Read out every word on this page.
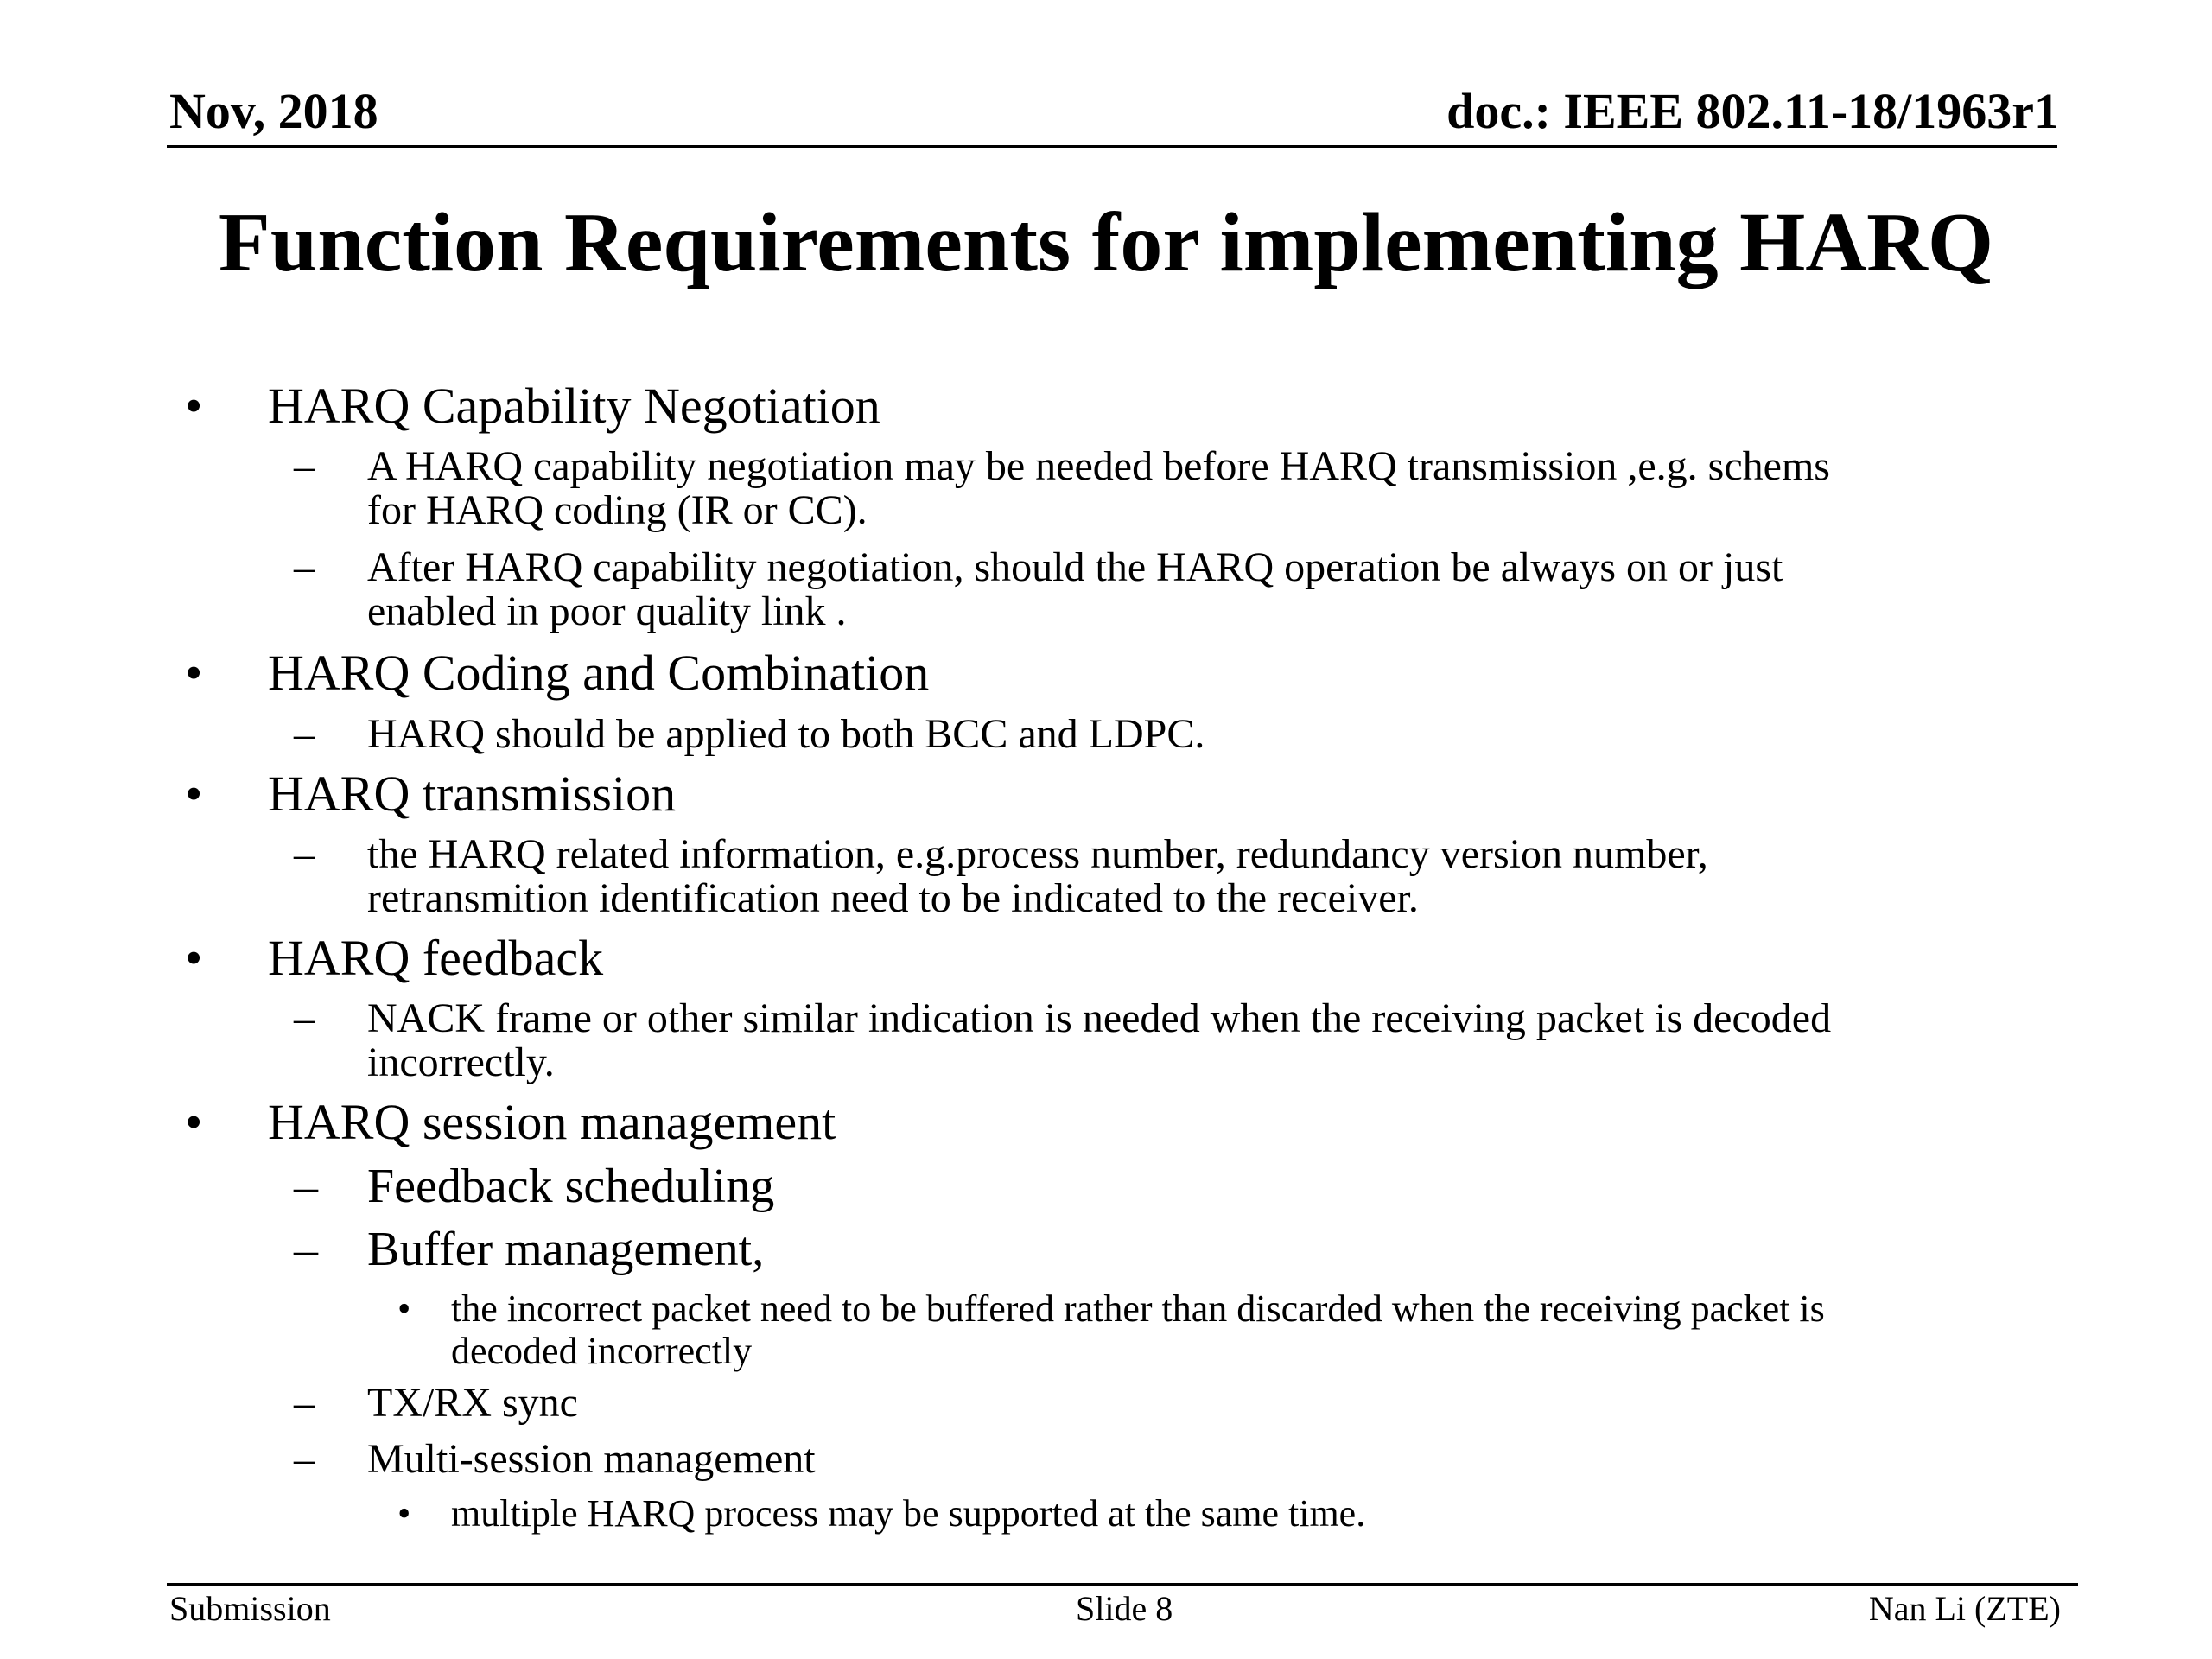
Nov, 2018	doc.: IEEE 802.11-18/1963r1
Function Requirements for implementing HARQ
• HARQ Capability Negotiation
– A HARQ capability negotiation may be needed before HARQ transmission ,e.g. schems
for HARQ coding (IR or CC).
– After HARQ capability negotiation, should the HARQ operation be always on or just
enabled in poor quality link .
• HARQ Coding and Combination
– HARQ should be applied to both BCC and LDPC.
• HARQ transmission
– the HARQ related information, e.g.process number, redundancy version number,
retransmition identification need to be indicated to the receiver.
• HARQ feedback
– NACK frame or other similar indication is needed when the receiving packet is decoded
incorrectly.
• HARQ session management
– Feedback scheduling
– Buffer management,
• the incorrect packet need to be buffered rather than discarded when the receiving packet is
decoded incorrectly
– TX/RX sync
– Multi-session management
• multiple HARQ process may be supported at the same time.
Submission	Slide 8	Nan Li (ZTE)
